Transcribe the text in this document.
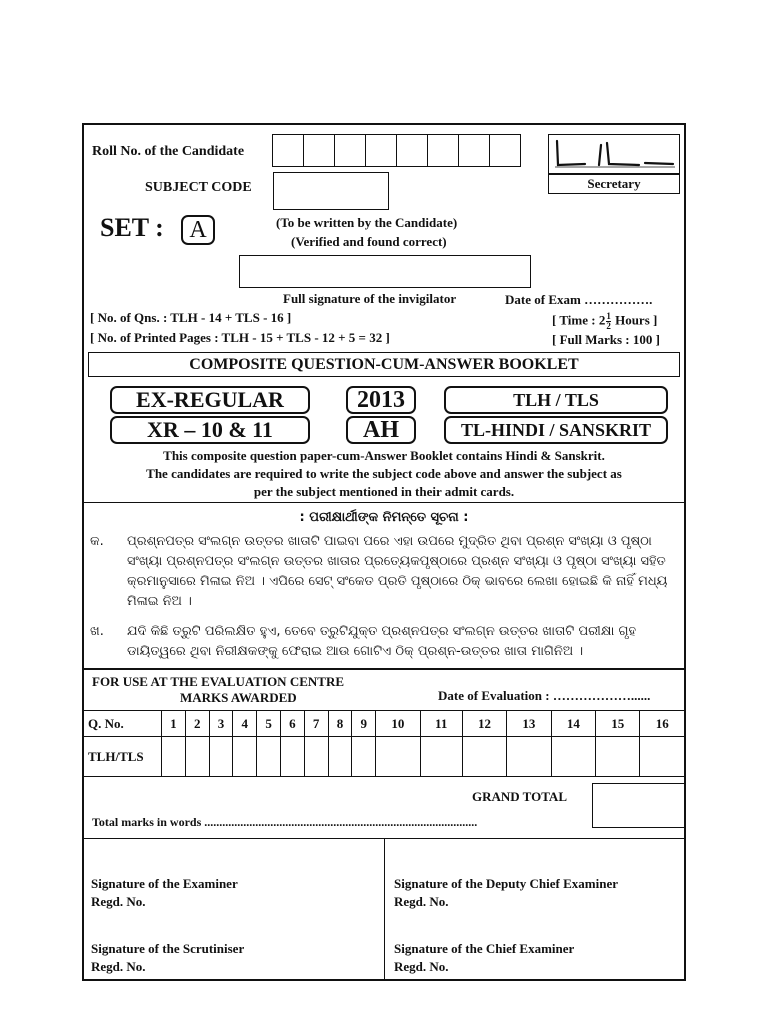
Roll No. of the Candidate
Secretary
SUBJECT CODE
SET :	A	(To be written by the Candidate)
(Verified and found correct)
Full signature of the invigilator	Date of Exam …………….
[ No. of Qns. : TLH - 14 + TLS - 16 ]
[ No. of Printed Pages : TLH - 15 + TLS - 12 + 5 = 32 ]
[ Time : $2 \frac{1}{2}$ Hours ]
[ Full Marks : 100 ]
COMPOSITE QUESTION-CUM-ANSWER BOOKLET
EX-REGULAR
XR – 10 & 11
2013
AH
TLH / TLS
TL-HINDI / SANSKRIT
This composite question paper-cum-Answer Booklet contains Hindi & Sanskrit.
The candidates are required to write the subject code above and answer the subject as
per the subject mentioned in their admit cards.
: ପରୀକ୍ଷାର୍ଥୀଙ୍କ ନିମନ୍ତେ ସୂଚନା :
କ.	ପ୍ରଶ୍ନପତ୍ର ସଂଲଗ୍ନ ଉତ୍ତର ଖାତାଟି ପାଇବା ପରେ ଏହା ଉପରେ ମୁଦ୍ରିତ ଥିବା ପ୍ରଶ୍ନ ସଂଖ୍ୟା ଓ ପୃଷ୍ଠା ସଂଖ୍ୟା ପ୍ରଶ୍ନପତ୍ର ସଂଲଗ୍ନ ଉତ୍ତର ଖାତାର ପ୍ରତ୍ୟେକପୃଷ୍ଠାରେ ପ୍ରଶ୍ନ ସଂଖ୍ୟା ଓ ପୃଷ୍ଠା ସଂଖ୍ୟା ସହିତ କ୍ରମାନୁସାରେ ମିଳାଇ ନିଅ । ଏପିରେ ସେଟ୍ ସଂକେତ ପ୍ରତି ପୃଷ୍ଠାରେ ଠିକ୍ ଭାବରେ ଲେଖା ହୋଇଛି କି ନାହିଁ ମଧ୍ୟ ମିଳାଇ ନିଅ ।
ଖ.	ଯଦି କିଛି ତ୍ରୁଟି ପରିଲକ୍ଷିତ ହୁଏ, ତେବେ ତ୍ରୁଟିଯୁକ୍ତ ପ୍ରଶ୍ନପତ୍ର ସଂଲଗ୍ନ ଉତ୍ତର ଖାତାଟି ପରୀକ୍ଷା ଗୃହ ଡାୟିତ୍ୱରେ ଥିବା ନିରୀକ୍ଷକଙ୍କୁ ଫେରାଇ ଆଉ ଗୋଟିଏ ଠିକ୍ ପ୍ରଶ୍ନ-ଉତ୍ତର ଖାତା ମାଗିନିଅ ।
FOR USE AT THE EVALUATION CENTRE
MARKS AWARDED	Date of Evaluation : ………………......
Q. No.	1	2	3	4	5	6	7	8	9	10	11	12	13	14	15	16
TLH/TLS																
GRAND TOTAL
Total marks in words ...........................................................................................
Signature of the Examiner
Regd. No.
Signature of the Deputy Chief Examiner
Regd. No.
Signature of the Scrutiniser
Regd. No.
Signature of the Chief Examiner
Regd. No.
